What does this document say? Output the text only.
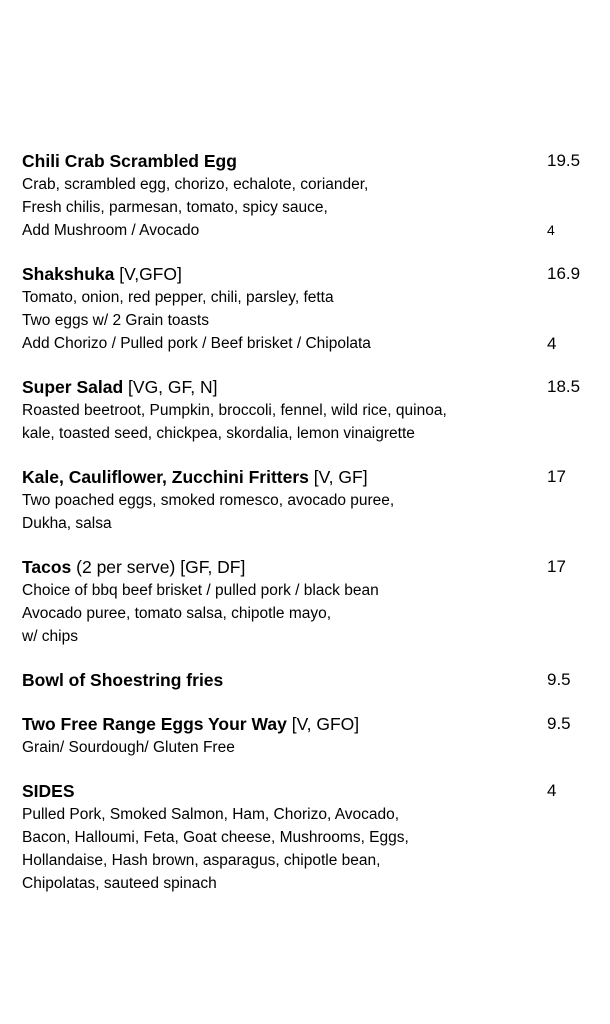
Chili Crab Scrambled Egg	19.5
Crab, scrambled egg, chorizo, echalote, coriander,
Fresh chilis, parmesan, tomato, spicy sauce,
Add Mushroom / Avocado	4
Shakshuka [V,GFO]	16.9
Tomato, onion, red pepper, chili, parsley, fetta
Two eggs w/ 2 Grain toasts
Add Chorizo / Pulled pork / Beef brisket / Chipolata	4
Super Salad [VG, GF, N]	18.5
Roasted beetroot, Pumpkin, broccoli, fennel, wild rice, quinoa,
kale, toasted seed, chickpea, skordalia, lemon vinaigrette
Kale, Cauliflower, Zucchini Fritters [V, GF]	17
Two poached eggs, smoked romesco, avocado puree,
Dukha, salsa
Tacos (2 per serve) [GF, DF]	17
Choice of bbq beef brisket / pulled pork / black bean
Avocado puree, tomato salsa, chipotle mayo,
w/ chips
Bowl of Shoestring fries	9.5
Two Free Range Eggs Your Way [V, GFO]	9.5
Grain/ Sourdough/ Gluten Free
SIDES	4
Pulled Pork, Smoked Salmon, Ham, Chorizo, Avocado,
Bacon, Halloumi, Feta, Goat cheese, Mushrooms, Eggs,
Hollandaise, Hash brown, asparagus, chipotle bean,
Chipolatas, sauteed spinach
